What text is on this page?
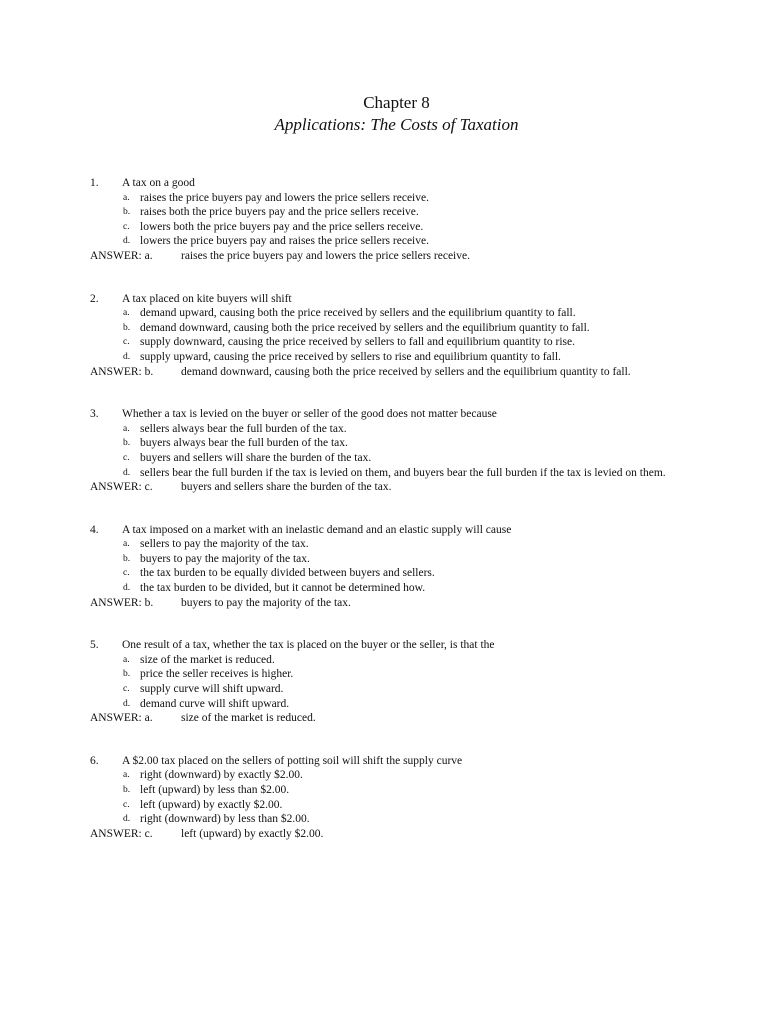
Chapter 8
Applications: The Costs of Taxation
1.	A tax on a good
a. raises the price buyers pay and lowers the price sellers receive.
b. raises both the price buyers pay and the price sellers receive.
c. lowers both the price buyers pay and the price sellers receive.
d. lowers the price buyers pay and raises the price sellers receive.
ANSWER: a.	raises the price buyers pay and lowers the price sellers receive.
2.	A tax placed on kite buyers will shift
a. demand upward, causing both the price received by sellers and the equilibrium quantity to fall.
b. demand downward, causing both the price received by sellers and the equilibrium quantity to fall.
c. supply downward, causing the price received by sellers to fall and equilibrium quantity to rise.
d. supply upward, causing the price received by sellers to rise and equilibrium quantity to fall.
ANSWER: b.	demand downward, causing both the price received by sellers and the equilibrium quantity to fall.
3.	Whether a tax is levied on the buyer or seller of the good does not matter because
a. sellers always bear the full burden of the tax.
b. buyers always bear the full burden of the tax.
c. buyers and sellers will share the burden of the tax.
d. sellers bear the full burden if the tax is levied on them, and buyers bear the full burden if the tax is levied on them.
ANSWER: c.	buyers and sellers share the burden of the tax.
4.	A tax imposed on a market with an inelastic demand and an elastic supply will cause
a. sellers to pay the majority of the tax.
b. buyers to pay the majority of the tax.
c. the tax burden to be equally divided between buyers and sellers.
d. the tax burden to be divided, but it cannot be determined how.
ANSWER: b.	buyers to pay the majority of the tax.
5.	One result of a tax, whether the tax is placed on the buyer or the seller, is that the
a. size of the market is reduced.
b. price the seller receives is higher.
c. supply curve will shift upward.
d. demand curve will shift upward.
ANSWER: a.	size of the market is reduced.
6.	A $2.00 tax placed on the sellers of potting soil will shift the supply curve
a. right (downward) by exactly $2.00.
b. left (upward) by less than $2.00.
c. left (upward) by exactly $2.00.
d. right (downward) by less than $2.00.
ANSWER: c.	left (upward) by exactly $2.00.
